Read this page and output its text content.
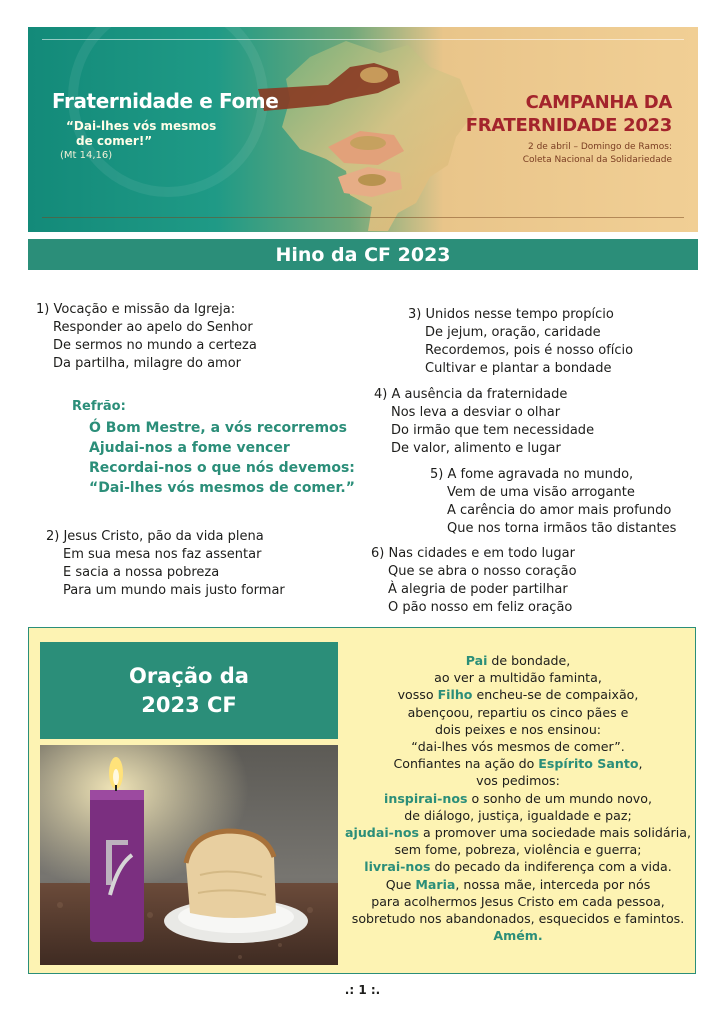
Fraternidade e Fome
“Dai-lhes vós mesmos
de comer!”
(Mt 14,16)
CAMPANHA DA
FRATERNIDADE 2023
2 de abril – Domingo de Ramos:
Coleta Nacional da Solidariedade
Hino da CF 2023
1) Vocação e missão da Igreja:
Responder ao apelo do Senhor
De sermos no mundo a certeza
Da partilha, milagre do amor
Refrão:
Ó Bom Mestre, a vós recorremos
Ajudai-nos a fome vencer
Recordai-nos o que nós devemos:
“Dai-lhes vós mesmos de comer.”
2) Jesus Cristo, pão da vida plena
Em sua mesa nos faz assentar
E sacia a nossa pobreza
Para um mundo mais justo formar
3) Unidos nesse tempo propício
De jejum, oração, caridade
Recordemos, pois é nosso ofício
Cultivar e plantar a bondade
4) A ausência da fraternidade
Nos leva a desviar o olhar
Do irmão que tem necessidade
De valor, alimento e lugar
5) A fome agravada no mundo,
Vem de uma visão arrogante
A carência do amor mais profundo
Que nos torna irmãos tão distantes
6) Nas cidades e em todo lugar
Que se abra o nosso coração
À alegria de poder partilhar
O pão nosso em feliz oração
Oração da
2023 CF
Pai de bondade,
ao ver a multidão faminta,
vosso Filho encheu-se de compaixão,
abençoou, repartiu os cinco pães e
dois peixes e nos ensinou:
“dai-lhes vós mesmos de comer”.
Confiantes na ação do Espírito Santo,
vos pedimos:
inspirai-nos o sonho de um mundo novo,
de diálogo, justiça, igualdade e paz;
ajudai-nos a promover uma sociedade mais solidária,
sem fome, pobreza, violência e guerra;
livrai-nos do pecado da indiferença com a vida.
Que Maria, nossa mãe, interceda por nós
para acolhermos Jesus Cristo em cada pessoa,
sobretudo nos abandonados, esquecidos e famintos.
Amém.
.: 1 :.
